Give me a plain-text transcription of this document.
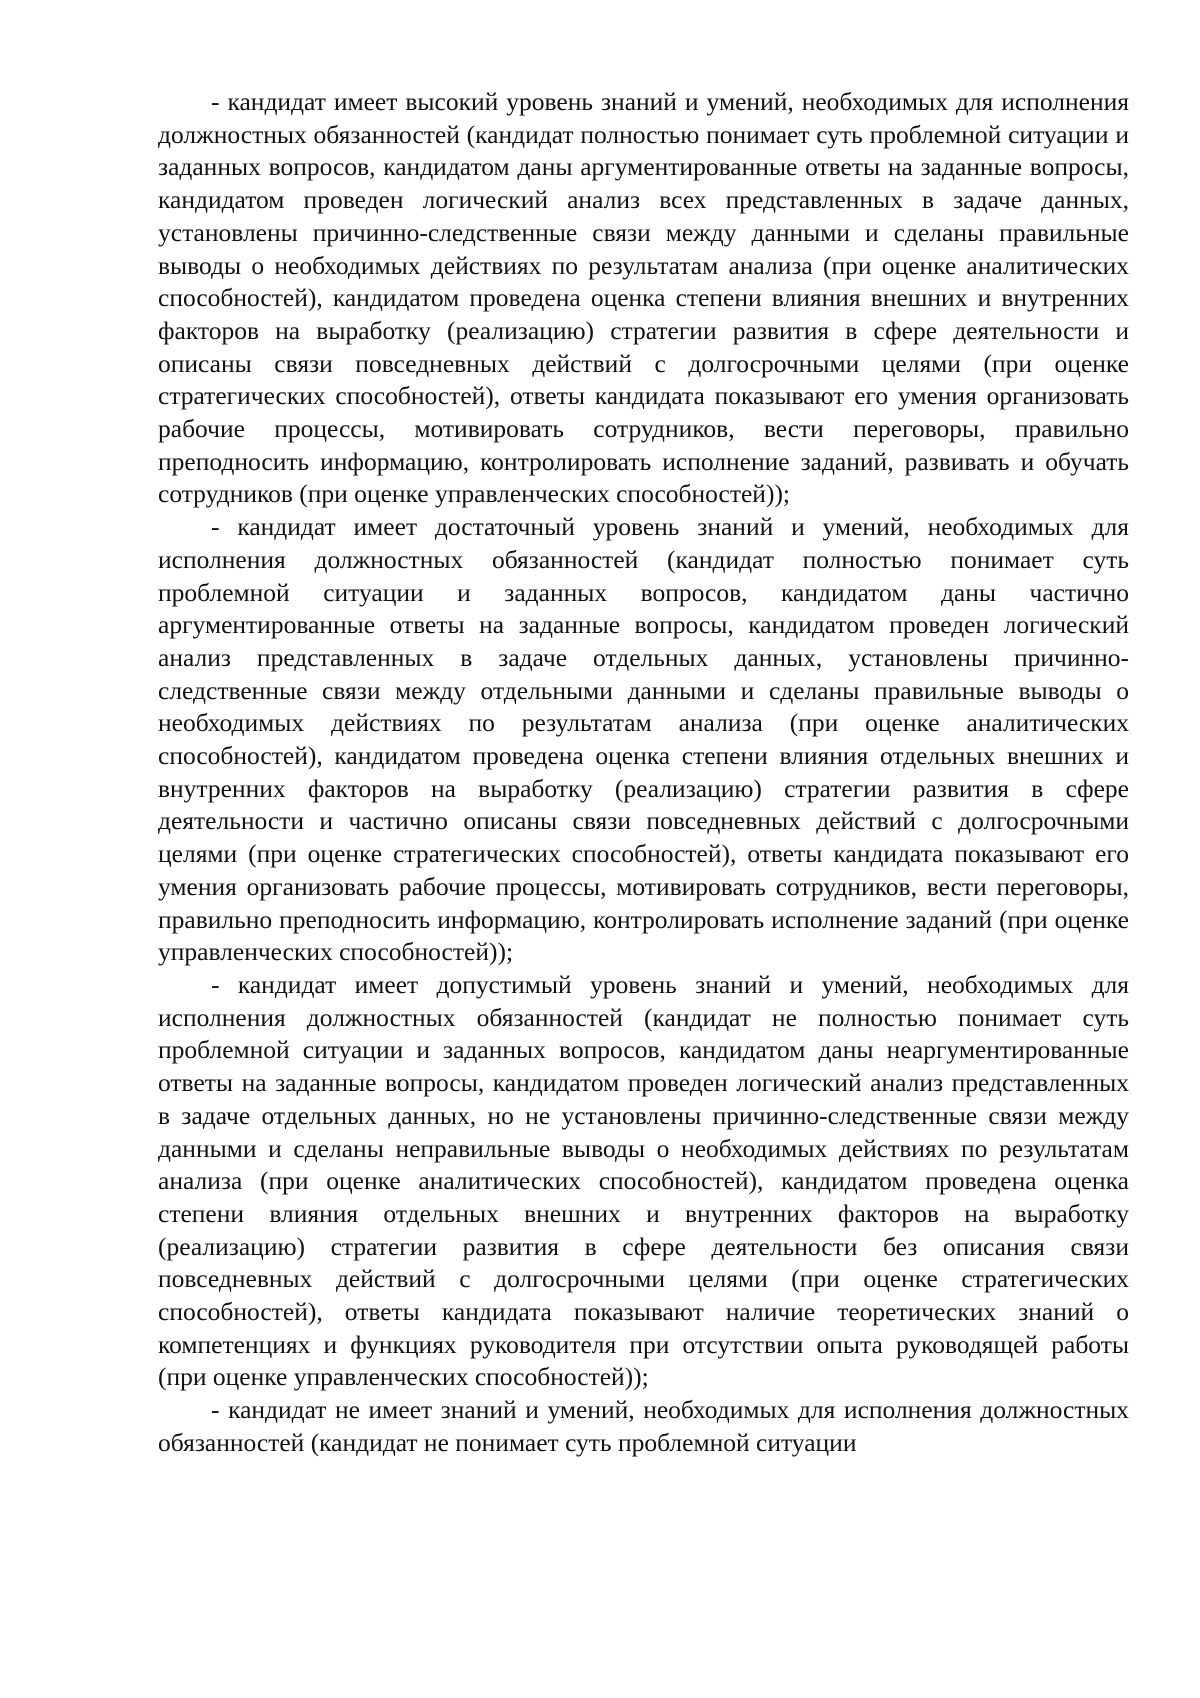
- кандидат имеет высокий уровень знаний и умений, необходимых для исполнения должностных обязанностей (кандидат полностью понимает суть проблемной ситуации и заданных вопросов, кандидатом даны аргументированные ответы на заданные вопросы, кандидатом проведен логический анализ всех представленных в задаче данных, установлены причинно-следственные связи между данными и сделаны правильные выводы о необходимых действиях по результатам анализа (при оценке аналитических способностей), кандидатом проведена оценка степени влияния внешних и внутренних факторов на выработку (реализацию) стратегии развития в сфере деятельности и описаны связи повседневных действий с долгосрочными целями (при оценке стратегических способностей), ответы кандидата показывают его умения организовать рабочие процессы, мотивировать сотрудников, вести переговоры, правильно преподносить информацию, контролировать исполнение заданий, развивать и обучать сотрудников (при оценке управленческих способностей));

- кандидат имеет достаточный уровень знаний и умений, необходимых для исполнения должностных обязанностей (кандидат полностью понимает суть проблемной ситуации и заданных вопросов, кандидатом даны частично аргументированные ответы на заданные вопросы, кандидатом проведен логический анализ представленных в задаче отдельных данных, установлены причинно-следственные связи между отдельными данными и сделаны правильные выводы о необходимых действиях по результатам анализа (при оценке аналитических способностей), кандидатом проведена оценка степени влияния отдельных внешних и внутренних факторов на выработку (реализацию) стратегии развития в сфере деятельности и частично описаны связи повседневных действий с долгосрочными целями (при оценке стратегических способностей), ответы кандидата показывают его умения организовать рабочие процессы, мотивировать сотрудников, вести переговоры, правильно преподносить информацию, контролировать исполнение заданий (при оценке управленческих способностей));

- кандидат имеет допустимый уровень знаний и умений, необходимых для исполнения должностных обязанностей (кандидат не полностью понимает суть проблемной ситуации и заданных вопросов, кандидатом даны неаргументированные ответы на заданные вопросы, кандидатом проведен логический анализ представленных в задаче отдельных данных, но не установлены причинно-следственные связи между данными и сделаны неправильные выводы о необходимых действиях по результатам анализа (при оценке аналитических способностей), кандидатом проведена оценка степени влияния отдельных внешних и внутренних факторов на выработку (реализацию) стратегии развития в сфере деятельности без описания связи повседневных действий с долгосрочными целями (при оценке стратегических способностей), ответы кандидата показывают наличие теоретических знаний о компетенциях и функциях руководителя при отсутствии опыта руководящей работы (при оценке управленческих способностей));

- кандидат не имеет знаний и умений, необходимых для исполнения должностных обязанностей (кандидат не понимает суть проблемной ситуации
